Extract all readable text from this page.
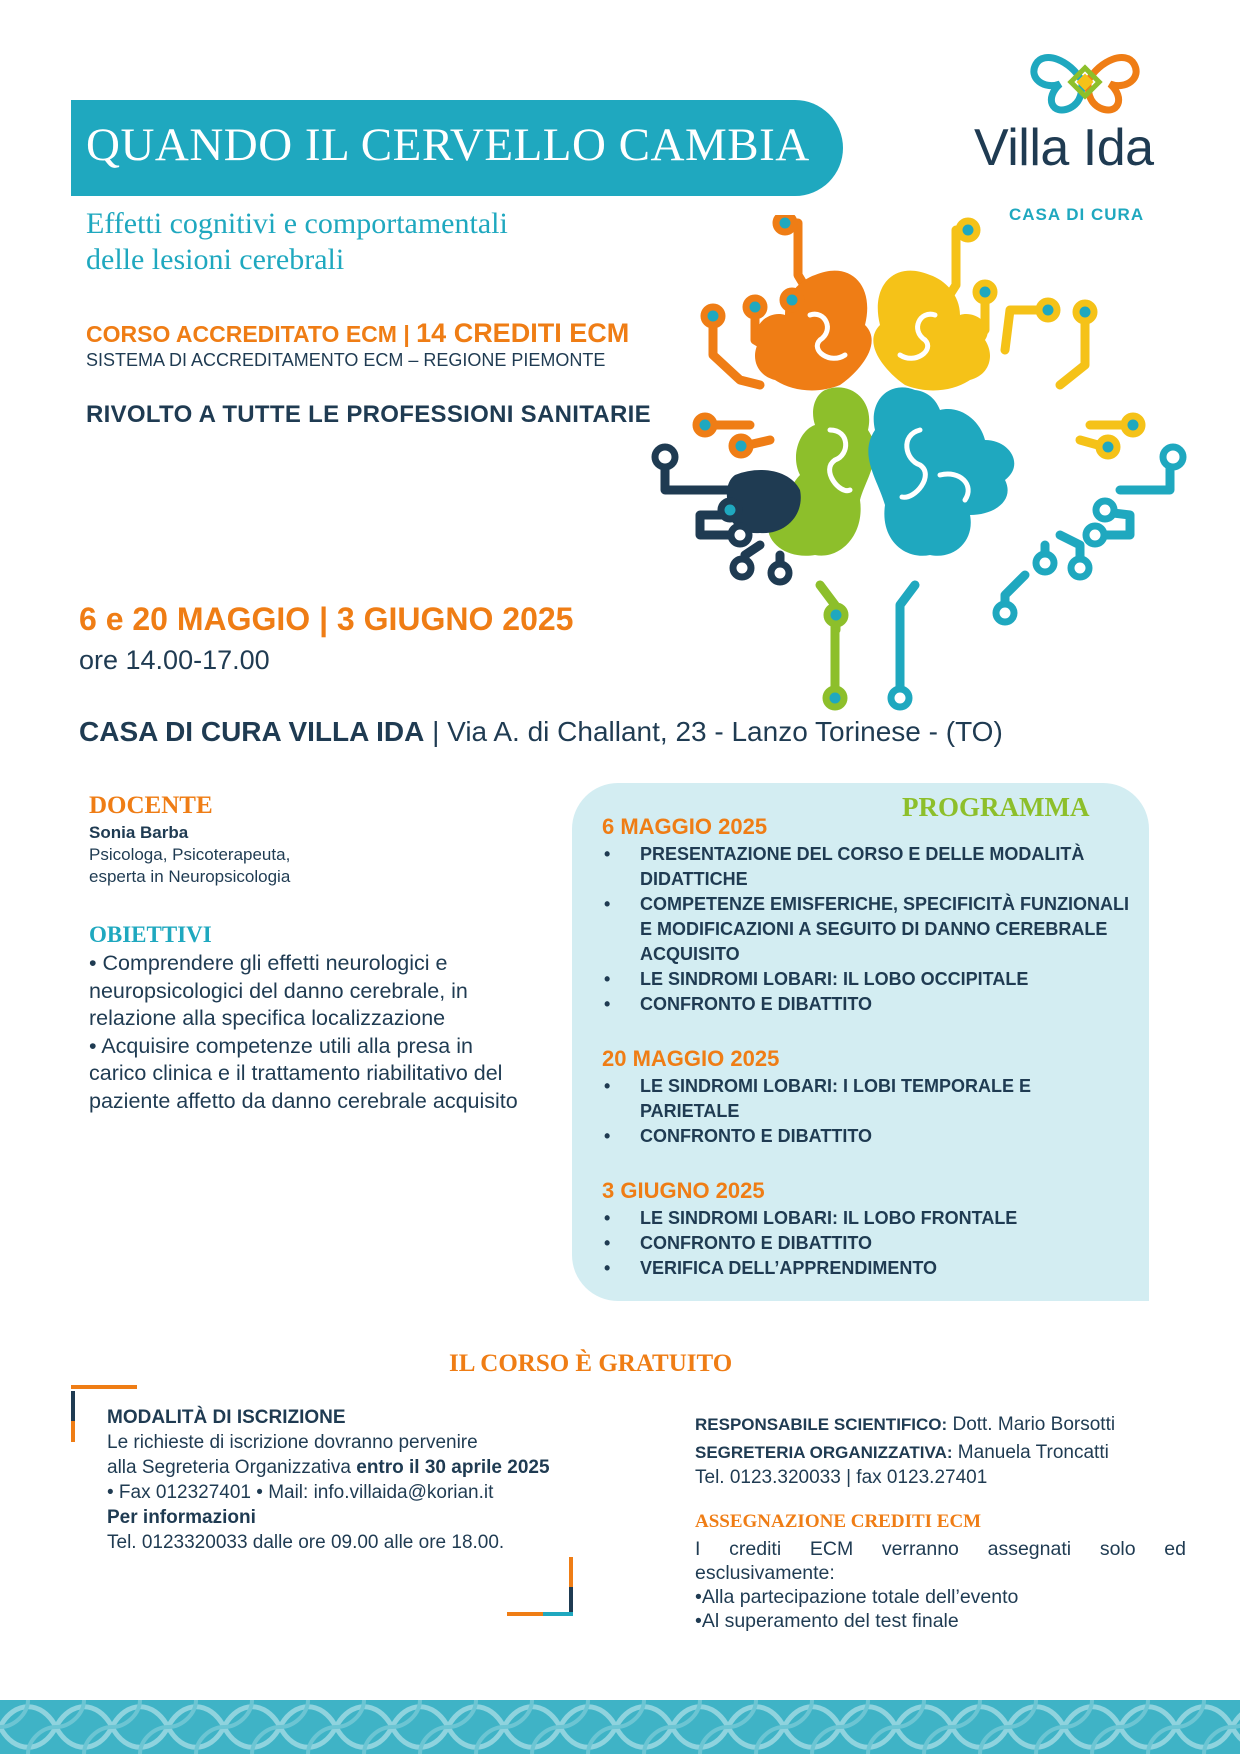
QUANDO IL CERVELLO CAMBIA
Effetti cognitivi e comportamentali
delle lesioni cerebrali
CORSO ACCREDITATO ECM | 14 CREDITI ECM
SISTEMA DI ACCREDITAMENTO ECM – REGIONE PIEMONTE
RIVOLTO A TUTTE LE PROFESSIONI SANITARIE
Villa Ida
CASA DI CURA
6 e 20 MAGGIO | 3 GIUGNO 2025
ore 14.00-17.00
CASA DI CURA VILLA IDA | Via A. di Challant, 23 - Lanzo Torinese - (TO)
DOCENTE
Sonia Barba
Psicologa, Psicoterapeuta,
esperta in Neuropsicologia
OBIETTIVI
• Comprendere gli effetti neurologici e neuropsicologici del danno cerebrale, in relazione alla specifica localizzazione
• Acquisire competenze utili alla presa in carico clinica e il trattamento riabilitativo del paziente affetto da danno cerebrale acquisito
PROGRAMMA
6 MAGGIO 2025
• PRESENTAZIONE DEL CORSO E DELLE MODALITÀ DIDATTICHE
• COMPETENZE EMISFERICHE, SPECIFICITÀ FUNZIONALI E MODIFICAZIONI A SEGUITO DI DANNO CEREBRALE ACQUISITO
• LE SINDROMI LOBARI: IL LOBO OCCIPITALE
• CONFRONTO E DIBATTITO
20 MAGGIO 2025
• LE SINDROMI LOBARI: I LOBI TEMPORALE E PARIETALE
• CONFRONTO E DIBATTITO
3 GIUGNO 2025
• LE SINDROMI LOBARI: IL LOBO FRONTALE
• CONFRONTO E DIBATTITO
• VERIFICA DELL’APPRENDIMENTO
IL CORSO È GRATUITO
MODALITÀ DI ISCRIZIONE
Le richieste di iscrizione dovranno pervenire
alla Segreteria Organizzativa entro il 30 aprile 2025
• Fax 012327401 • Mail: info.villaida@korian.it
Per informazioni
Tel. 0123320033 dalle ore 09.00 alle ore 18.00.
RESPONSABILE SCIENTIFICO: Dott. Mario Borsotti
SEGRETERIA ORGANIZZATIVA: Manuela Troncatti
Tel. 0123.320033 | fax 0123.27401
ASSEGNAZIONE CREDITI ECM
I crediti ECM verranno assegnati solo ed
esclusivamente:
•Alla partecipazione totale dell’evento
•Al superamento del test finale
